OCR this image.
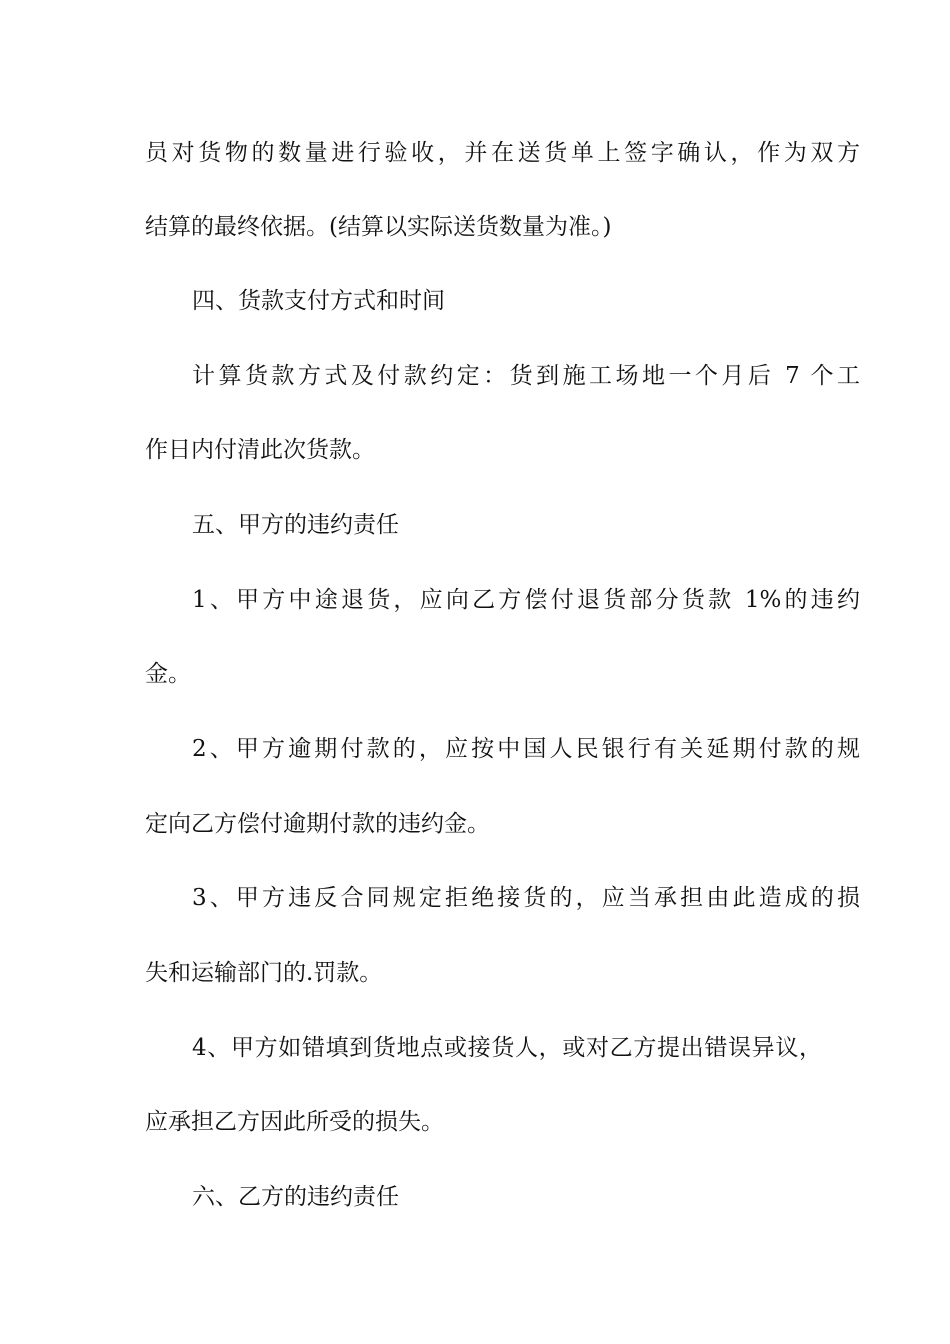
员对货物的数量进行验收，并在送货单上签字确认，作为双方
结算的最终依据。(结算以实际送货数量为准。)
四、货款支付方式和时间
计算货款方式及付款约定：货到施工场地一个月后 7 个工
作日内付清此次货款。
五、甲方的违约责任
1、甲方中途退货，应向乙方偿付退货部分货款 1%的违约
金。
2、甲方逾期付款的，应按中国人民银行有关延期付款的规
定向乙方偿付逾期付款的违约金。
3、甲方违反合同规定拒绝接货的，应当承担由此造成的损
失和运输部门的.罚款。
4、甲方如错填到货地点或接货人，或对乙方提出错误异议，
应承担乙方因此所受的损失。
六、乙方的违约责任
